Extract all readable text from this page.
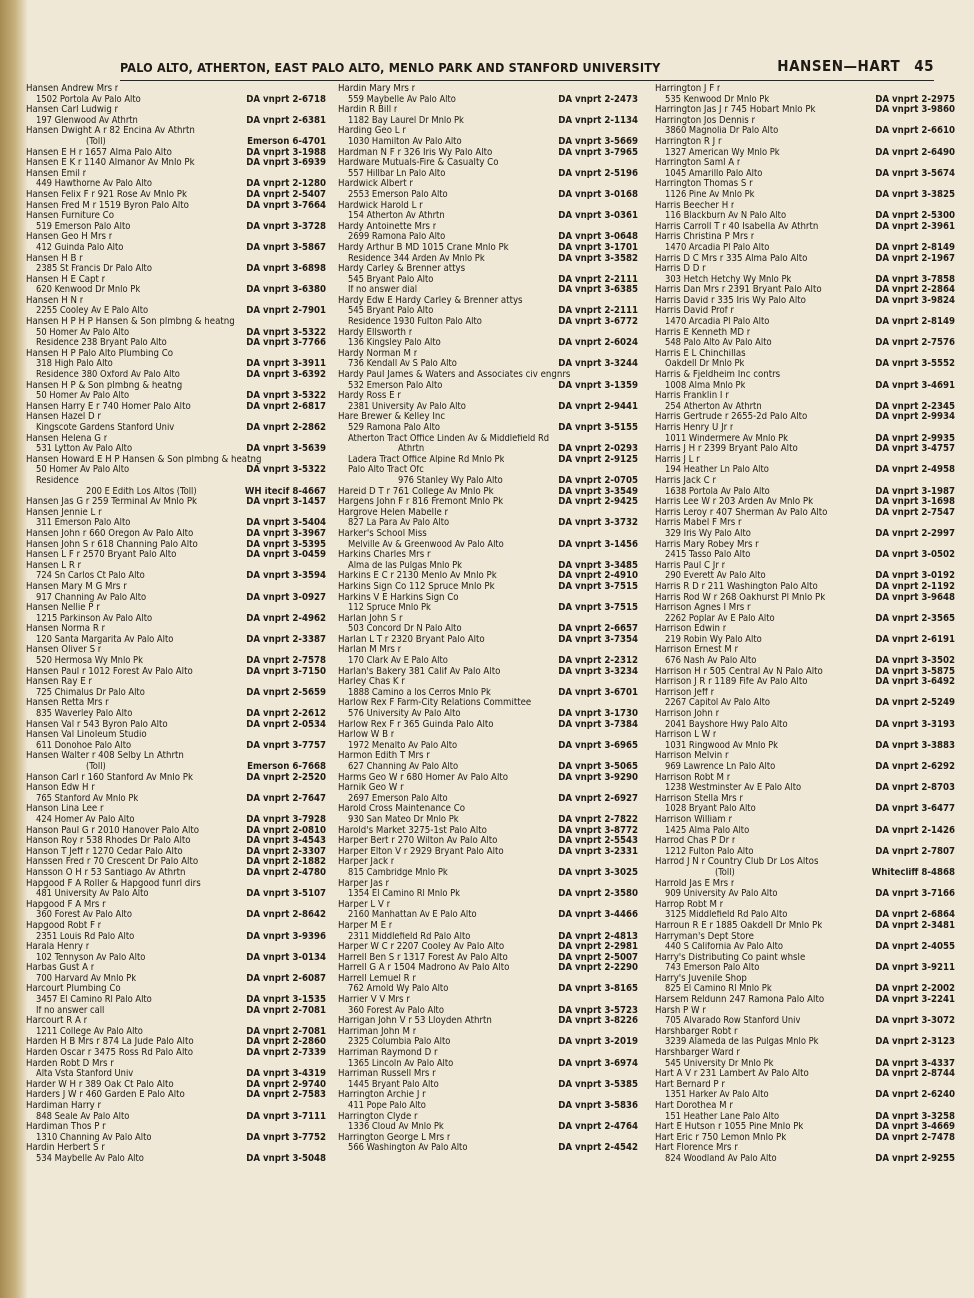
PALO ALTO, ATHERTON, EAST PALO ALTO, MENLO PARK AND STANFORD UNIVERSITY	HANSEN—HART 45
Hansen Andrew Mrs r
1502 Portola Av Palo Alto	DA vnprt 2-6718
Hansen Carl Ludwig r
197 Glenwood Av Athrtn	DA vnprt 2-6381
Hansen Dwight A r 82 Encina Av Athrtn
(Toll)	Emerson 6-4701
Hansen E H r 1657 Alma Palo Alto	DA vnprt 3-1988
Hansen E K r 1140 Almanor Av Mnlo Pk	DA vnprt 3-6939
Hansen Emil r
449 Hawthorne Av Palo Alto	DA vnprt 2-1280
Hansen Felix F r 921 Rose Av Mnlo Pk	DA vnprt 2-5407
Hansen Fred M r 1519 Byron Palo Alto	DA vnprt 3-7664
Hansen Furniture Co
519 Emerson Palo Alto	DA vnprt 3-3728
Hansen Geo H Mrs r
412 Guinda Palo Alto	DA vnprt 3-5867
Hansen H B r
2385 St Francis Dr Palo Alto	DA vnprt 3-6898
Hansen H E Capt r
620 Kenwood Dr Mnlo Pk	DA vnprt 3-6380
Hansen H N r
2255 Cooley Av E Palo Alto	DA vnprt 2-7901
Hansen H P H P Hansen & Son plmbng & heatng
50 Homer Av Palo Alto	DA vnprt 3-5322
Residence 238 Bryant Palo Alto	DA vnprt 3-7766
Hansen H P Palo Alto Plumbing Co
318 High Palo Alto	DA vnprt 3-3911
Residence 380 Oxford Av Palo Alto	DA vnprt 3-6392
Hansen H P & Son plmbng & heatng
50 Homer Av Palo Alto	DA vnprt 3-5322
Hansen Harry E r 740 Homer Palo Alto	DA vnprt 2-6817
Hansen Hazel D r
Kingscote Gardens Stanford Univ	DA vnprt 2-2862
Hansen Helena G r
531 Lytton Av Palo Alto	DA vnprt 3-5639
Hansen Howard E H P Hansen & Son plmbng & heatng
50 Homer Av Palo Alto	DA vnprt 3-5322
Residence
200 E Edith Los Altos (Toll)	WH itecif 8-4667
Hansen Jas G r 259 Terminal Av Mnlo Pk	DA vnprt 3-1457
Hansen Jennie L r
311 Emerson Palo Alto	DA vnprt 3-5404
Hansen John r 660 Oregon Av Palo Alto	DA vnprt 3-3967
Hansen John S r 618 Channing Palo Alto	DA vnprt 3-5395
Hansen L F r 2570 Bryant Palo Alto	DA vnprt 3-0459
Hansen L R r
724 Sn Carlos Ct Palo Alto	DA vnprt 3-3594
Hansen Mary M G Mrs r
917 Channing Av Palo Alto	DA vnprt 3-0927
Hansen Nellie P r
1215 Parkinson Av Palo Alto	DA vnprt 2-4962
Hansen Norma R r
120 Santa Margarita Av Palo Alto	DA vnprt 2-3387
Hansen Oliver S r
520 Hermosa Wy Mnlo Pk	DA vnprt 2-7578
Hansen Paul r 1012 Forest Av Palo Alto	DA vnprt 3-7150
Hansen Ray E r
725 Chimalus Dr Palo Alto	DA vnprt 2-5659
Hansen Retta Mrs r
835 Waverley Palo Alto	DA vnprt 2-2612
Hansen Val r 543 Byron Palo Alto	DA vnprt 2-0534
Hansen Val Linoleum Studio
611 Donohoe Palo Alto	DA vnprt 3-7757
Hansen Walter r 408 Selby Ln Athrtn
(Toll)	Emerson 6-7668
Hanson Carl r 160 Stanford Av Mnlo Pk	DA vnprt 2-2520
Hanson Edw H r
765 Stanford Av Mnlo Pk	DA vnprt 2-7647
Hanson Lina Lee r
424 Homer Av Palo Alto	DA vnprt 3-7928
Hanson Paul G r 2010 Hanover Palo Alto	DA vnprt 2-0810
Hanson Roy r 538 Rhodes Dr Palo Alto	DA vnprt 3-4543
Hanson T Jeff r 1270 Cedar Palo Alto	DA vnprt 2-3307
Hanssen Fred r 70 Crescent Dr Palo Alto	DA vnprt 2-1882
Hansson O H r 53 Santiago Av Athrtn	DA vnprt 2-4780
Hapgood F A Roller & Hapgood funrl dirs
481 University Av Palo Alto	DA vnprt 3-5107
Hapgood F A Mrs r
360 Forest Av Palo Alto	DA vnprt 2-8642
Hapgood Robt F r
2351 Louis Rd Palo Alto	DA vnprt 3-9396
Harala Henry r
102 Tennyson Av Palo Alto	DA vnprt 3-0134
Harbas Gust A r
700 Harvard Av Mnlo Pk	DA vnprt 2-6087
Harcourt Plumbing Co
3457 El Camino Rl Palo Alto	DA vnprt 3-1535
If no answer call	DA vnprt 2-7081
Harcourt R A r
1211 College Av Palo Alto	DA vnprt 2-7081
Harden H B Mrs r 874 La Jude Palo Alto	DA vnprt 2-2860
Harden Oscar r 3475 Ross Rd Palo Alto	DA vnprt 2-7339
Harden Robt D Mrs r
Alta Vsta Stanford Univ	DA vnprt 3-4319
Harder W H r 389 Oak Ct Palo Alto	DA vnprt 2-9740
Harders J W r 460 Garden E Palo Alto	DA vnprt 2-7583
Hardiman Harry r
848 Seale Av Palo Alto	DA vnprt 3-7111
Hardiman Thos P r
1310 Channing Av Palo Alto	DA vnprt 3-7752
Hardin Herbert S r
534 Maybelle Av Palo Alto	DA vnprt 3-5048
Hardin Mary Mrs r
559 Maybelle Av Palo Alto	DA vnprt 2-2473
Hardin R Bill r
1182 Bay Laurel Dr Mnlo Pk	DA vnprt 2-1134
Harding Geo L r
1030 Hamilton Av Palo Alto	DA vnprt 3-5669
Hardman N F r 326 Iris Wy Palo Alto	DA vnprt 3-7965
Hardware Mutuals-Fire & Casualty Co
557 Hillbar Ln Palo Alto	DA vnprt 2-5196
Hardwick Albert r
2553 Emerson Palo Alto	DA vnprt 3-0168
Hardwick Harold L r
154 Atherton Av Athrtn	DA vnprt 3-0361
Hardy Antoinette Mrs r
2699 Ramona Palo Alto	DA vnprt 3-0648
Hardy Arthur B MD 1015 Crane Mnlo Pk	DA vnprt 3-1701
Residence 344 Arden Av Mnlo Pk	DA vnprt 3-3582
Hardy Carley & Brenner attys
545 Bryant Palo Alto	DA vnprt 2-2111
If no answer dial	DA vnprt 3-6385
Hardy Edw E Hardy Carley & Brenner attys
545 Bryant Palo Alto	DA vnprt 2-2111
Residence 1930 Fulton Palo Alto	DA vnprt 3-6772
Hardy Ellsworth r
136 Kingsley Palo Alto	DA vnprt 2-6024
Hardy Norman M r
736 Kendall Av S Palo Alto	DA vnprt 3-3244
Hardy Paul James & Waters and Associates civ engnrs
532 Emerson Palo Alto	DA vnprt 3-1359
Hardy Ross E r
2381 University Av Palo Alto	DA vnprt 2-9441
Hare Brewer & Kelley Inc
529 Ramona Palo Alto	DA vnprt 3-5155
Atherton Tract Office Linden Av & Middlefield Rd
Athrtn	DA vnprt 2-0293
Ladera Tract Office Alpine Rd Mnlo Pk	DA vnprt 2-9125
Palo Alto Tract Ofc
976 Stanley Wy Palo Alto	DA vnprt 2-0705
Hareid D T r 761 College Av Mnlo Pk	DA vnprt 3-3549
Hargens John F r 816 Fremont Mnlo Pk	DA vnprt 2-9425
Hargrove Helen Mabelle r
827 La Para Av Palo Alto	DA vnprt 3-3732
Harker's School Miss
Melville Av & Greenwood Av Palo Alto	DA vnprt 3-1456
Harkins Charles Mrs r
Alma de las Pulgas Mnlo Pk	DA vnprt 3-3485
Harkins E C r 2130 Menlo Av Mnlo Pk	DA vnprt 2-4910
Harkins Sign Co 112 Spruce Mnlo Pk	DA vnprt 3-7515
Harkins V E Harkins Sign Co
112 Spruce Mnlo Pk	DA vnprt 3-7515
Harlan John S r
503 Concord Dr N Palo Alto	DA vnprt 2-6657
Harlan L T r 2320 Bryant Palo Alto	DA vnprt 3-7354
Harlan M Mrs r
170 Clark Av E Palo Alto	DA vnprt 2-2312
Harlan's Bakery 381 Calif Av Palo Alto	DA vnprt 3-3234
Harley Chas K r
1888 Camino a los Cerros Mnlo Pk	DA vnprt 3-6701
Harlow Rex F Farm-City Relations Committee
576 University Av Palo Alto	DA vnprt 3-1730
Harlow Rex F r 365 Guinda Palo Alto	DA vnprt 3-7384
Harlow W B r
1972 Menalto Av Palo Alto	DA vnprt 3-6965
Harmon Edith T Mrs r
627 Channing Av Palo Alto	DA vnprt 3-5065
Harms Geo W r 680 Homer Av Palo Alto	DA vnprt 3-9290
Harnik Geo W r
2697 Emerson Palo Alto	DA vnprt 2-6927
Harold Cross Maintenance Co
930 San Mateo Dr Mnlo Pk	DA vnprt 2-7822
Harold's Market 3275-1st Palo Alto	DA vnprt 3-8772
Harper Bert r 270 Wilton Av Palo Alto	DA vnprt 2-5543
Harper Elton V r 2929 Bryant Palo Alto	DA vnprt 3-2331
Harper Jack r
815 Cambridge Mnlo Pk	DA vnprt 3-3025
Harper Jas r
1354 El Camino Rl Mnlo Pk	DA vnprt 2-3580
Harper L V r
2160 Manhattan Av E Palo Alto	DA vnprt 3-4466
Harper M E r
2311 Middlefield Rd Palo Alto	DA vnprt 2-4813
Harper W C r 2207 Cooley Av Palo Alto	DA vnprt 2-2981
Harrell Ben S r 1317 Forest Av Palo Alto	DA vnprt 2-5007
Harrell G A r 1504 Madrono Av Palo Alto	DA vnprt 2-2290
Harrell Lemuel R r
762 Arnold Wy Palo Alto	DA vnprt 3-8165
Harrier V V Mrs r
360 Forest Av Palo Alto	DA vnprt 3-5723
Harrigan John V r 53 Lloyden Athrtn	DA vnprt 3-8226
Harriman John M r
2325 Columbia Palo Alto	DA vnprt 3-2019
Harriman Raymond D r
1365 Lincoln Av Palo Alto	DA vnprt 3-6974
Harriman Russell Mrs r
1445 Bryant Palo Alto	DA vnprt 3-5385
Harrington Archie J r
411 Pope Palo Alto	DA vnprt 3-5836
Harrington Clyde r
1336 Cloud Av Mnlo Pk	DA vnprt 2-4764
Harrington George L Mrs r
566 Washington Av Palo Alto	DA vnprt 2-4542
Harrington J F r
535 Kenwood Dr Mnlo Pk	DA vnprt 2-2975
Harrington Jas J r 745 Hobart Mnlo Pk	DA vnprt 3-9860
Harrington Jos Dennis r
3860 Magnolia Dr Palo Alto	DA vnprt 2-6610
Harrington R J r
1327 American Wy Mnlo Pk	DA vnprt 2-6490
Harrington Saml A r
1045 Amarillo Palo Alto	DA vnprt 3-5674
Harrington Thomas S r
1126 Pine Av Mnlo Pk	DA vnprt 3-3825
Harris Beecher H r
116 Blackburn Av N Palo Alto	DA vnprt 2-5300
Harris Carroll T r 40 Isabella Av Athrtn	DA vnprt 2-3961
Harris Christina P Mrs r
1470 Arcadia Pl Palo Alto	DA vnprt 2-8149
Harris D C Mrs r 335 Alma Palo Alto	DA vnprt 2-1967
Harris D D r
303 Hetch Hetchy Wy Mnlo Pk	DA vnprt 3-7858
Harris Dan Mrs r 2391 Bryant Palo Alto	DA vnprt 2-2864
Harris David r 335 Iris Wy Palo Alto	DA vnprt 3-9824
Harris David Prof r
1470 Arcadia Pl Palo Alto	DA vnprt 2-8149
Harris E Kenneth MD r
548 Palo Alto Av Palo Alto	DA vnprt 2-7576
Harris E L Chinchillas
Oakdell Dr Mnlo Pk	DA vnprt 3-5552
Harris & Fjeldheim Inc contrs
1008 Alma Mnlo Pk	DA vnprt 3-4691
Harris Franklin I r
254 Atherton Av Athrtn	DA vnprt 2-2345
Harris Gertrude r 2655-2d Palo Alto	DA vnprt 2-9934
Harris Henry U Jr r
1011 Windermere Av Mnlo Pk	DA vnprt 2-9935
Harris J H r 2399 Bryant Palo Alto	DA vnprt 3-4757
Harris J L r
194 Heather Ln Palo Alto	DA vnprt 2-4958
Harris Jack C r
1638 Portola Av Palo Alto	DA vnprt 3-1987
Harris Lee W r 203 Arden Av Mnlo Pk	DA vnprt 3-1698
Harris Leroy r 407 Sherman Av Palo Alto	DA vnprt 2-7547
Harris Mabel F Mrs r
329 Iris Wy Palo Alto	DA vnprt 2-2997
Harris Mary Robey Mrs r
2415 Tasso Palo Alto	DA vnprt 3-0502
Harris Paul C Jr r
290 Everett Av Palo Alto	DA vnprt 3-0192
Harris R D r 211 Washington Palo Alto	DA vnprt 2-1192
Harris Rod W r 268 Oakhurst Pl Mnlo Pk	DA vnprt 3-9648
Harrison Agnes I Mrs r
2262 Poplar Av E Palo Alto	DA vnprt 2-3565
Harrison Edwin r
219 Robin Wy Palo Alto	DA vnprt 2-6191
Harrison Ernest M r
676 Nash Av Palo Alto	DA vnprt 3-3502
Harrison H r 505 Central Av N Palo Alto	DA vnprt 3-5875
Harrison J R r 1189 Fife Av Palo Alto	DA vnprt 3-6492
Harrison Jeff r
2267 Capitol Av Palo Alto	DA vnprt 2-5249
Harrison John r
2041 Bayshore Hwy Palo Alto	DA vnprt 3-3193
Harrison L W r
1031 Ringwood Av Mnlo Pk	DA vnprt 3-3883
Harrison Melvin r
969 Lawrence Ln Palo Alto	DA vnprt 2-6292
Harrison Robt M r
1238 Westminster Av E Palo Alto	DA vnprt 2-8703
Harrison Stella Mrs r
1028 Bryant Palo Alto	DA vnprt 3-6477
Harrison William r
1425 Alma Palo Alto	DA vnprt 2-1426
Harrod Chas P Dr r
1212 Fulton Palo Alto	DA vnprt 2-7807
Harrod J N r Country Club Dr Los Altos
(Toll)	Whitecliff 8-4868
Harrold Jas E Mrs r
909 University Av Palo Alto	DA vnprt 3-7166
Harrop Robt M r
3125 Middlefield Rd Palo Alto	DA vnprt 2-6864
Harroun R E r 1885 Oakdell Dr Mnlo Pk	DA vnprt 2-3481
Harryman's Dept Store
440 S California Av Palo Alto	DA vnprt 2-4055
Harry's Distributing Co paint whsle
743 Emerson Palo Alto	DA vnprt 3-9211
Harry's Juvenile Shop
825 El Camino Rl Mnlo Pk	DA vnprt 2-2002
Harsem Reldunn 247 Ramona Palo Alto	DA vnprt 3-2241
Harsh P W r
705 Alvarado Row Stanford Univ	DA vnprt 3-3072
Harshbarger Robt r
3239 Alameda de las Pulgas Mnlo Pk	DA vnprt 2-3123
Harshbarger Ward r
545 University Dr Mnlo Pk	DA vnprt 3-4337
Hart A V r 231 Lambert Av Palo Alto	DA vnprt 2-8744
Hart Bernard P r
1351 Harker Av Palo Alto	DA vnprt 2-6240
Hart Dorothea M r
151 Heather Lane Palo Alto	DA vnprt 3-3258
Hart E Hutson r 1055 Pine Mnlo Pk	DA vnprt 3-4669
Hart Eric r 750 Lemon Mnlo Pk	DA vnprt 2-7478
Hart Florence Mrs r
824 Woodland Av Palo Alto	DA vnprt 2-9255
